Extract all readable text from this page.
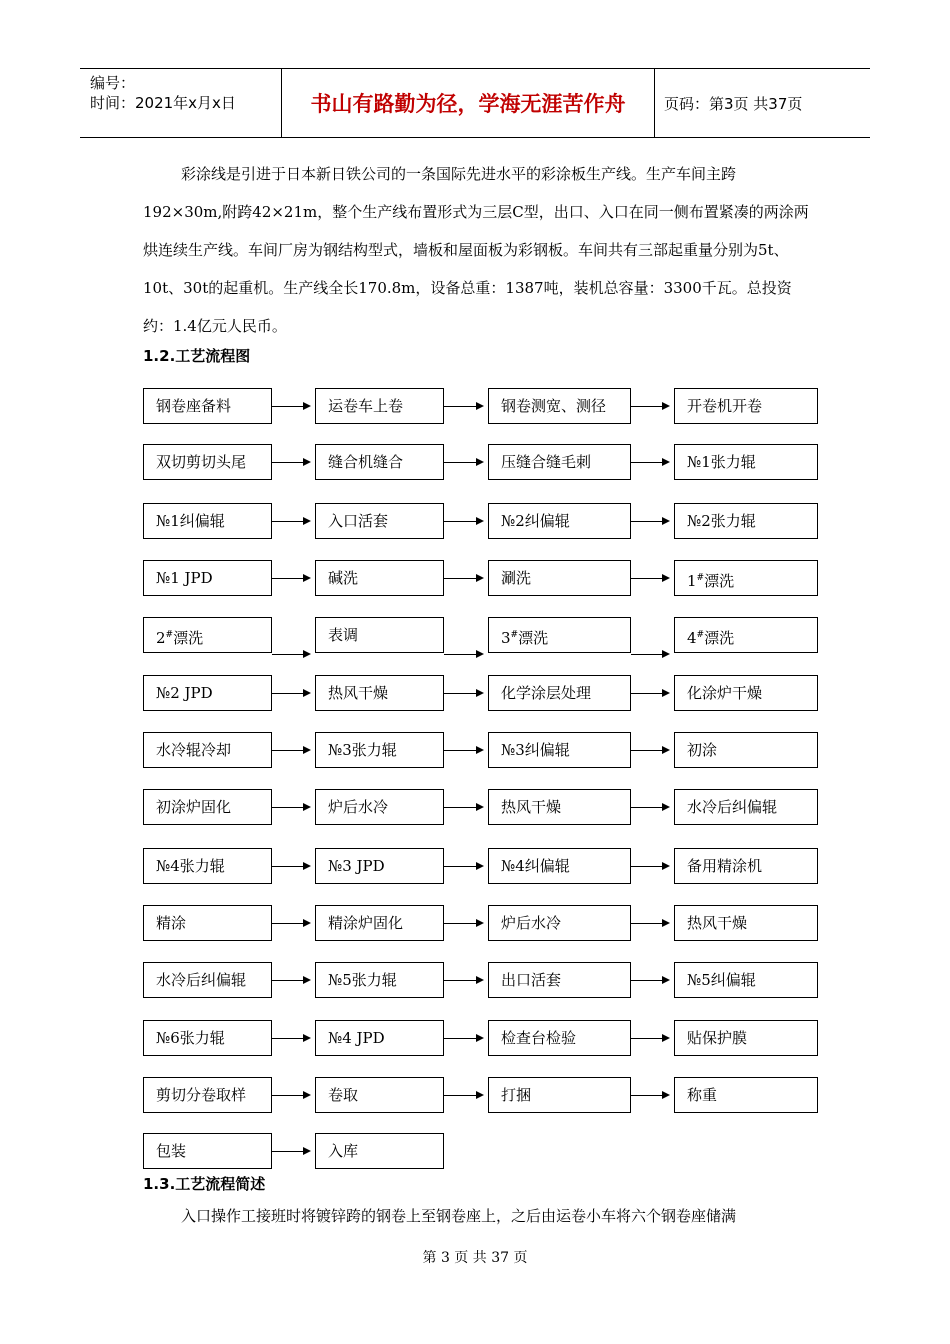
编号：
时间：2021年x月x日	书山有路勤为径，学海无涯苦作舟	页码：第3页 共37页

彩涂线是引进于日本新日铁公司的一条国际先进水平的彩涂板生产线。生产车间主跨192×30m,附跨42×21m，整个生产线布置形式为三层C型，出口、入口在同一侧布置紧凑的两涂两烘连续生产线。车间厂房为钢结构型式，墙板和屋面板为彩钢板。车间共有三部起重量分别为5t、10t、30t的起重机。生产线全长170.8m，设备总重：1387吨，装机总容量：3300千瓦。总投资约：1.4亿元人民币。

1.2.工艺流程图
钢卷座备料	运卷车上卷	钢卷测宽、测径	开卷机开卷
双切剪切头尾	缝合机缝合	压缝合缝毛刺	№1张力辊
№1纠偏辊	入口活套	№2纠偏辊	№2张力辊
№1 JPD	碱洗	涮洗	1#漂洗
2#漂洗	表调	3#漂洗	4#漂洗
№2 JPD	热风干燥	化学涂层处理	化涂炉干燥
水冷辊冷却	№3张力辊	№3纠偏辊	初涂
初涂炉固化	炉后水冷	热风干燥	水冷后纠偏辊
№4张力辊	№3 JPD	№4纠偏辊	备用精涂机
精涂	精涂炉固化	炉后水冷	热风干燥
水冷后纠偏辊	№5张力辊	出口活套	№5纠偏辊
№6张力辊	№4 JPD	检查台检验	贴保护膜
剪切分卷取样	卷取	打捆	称重
包装	入库
1.3.工艺流程简述

入口操作工接班时将镀锌跨的钢卷上至钢卷座上，之后由运卷小车将六个钢卷座储满

第 3 页 共 37 页
